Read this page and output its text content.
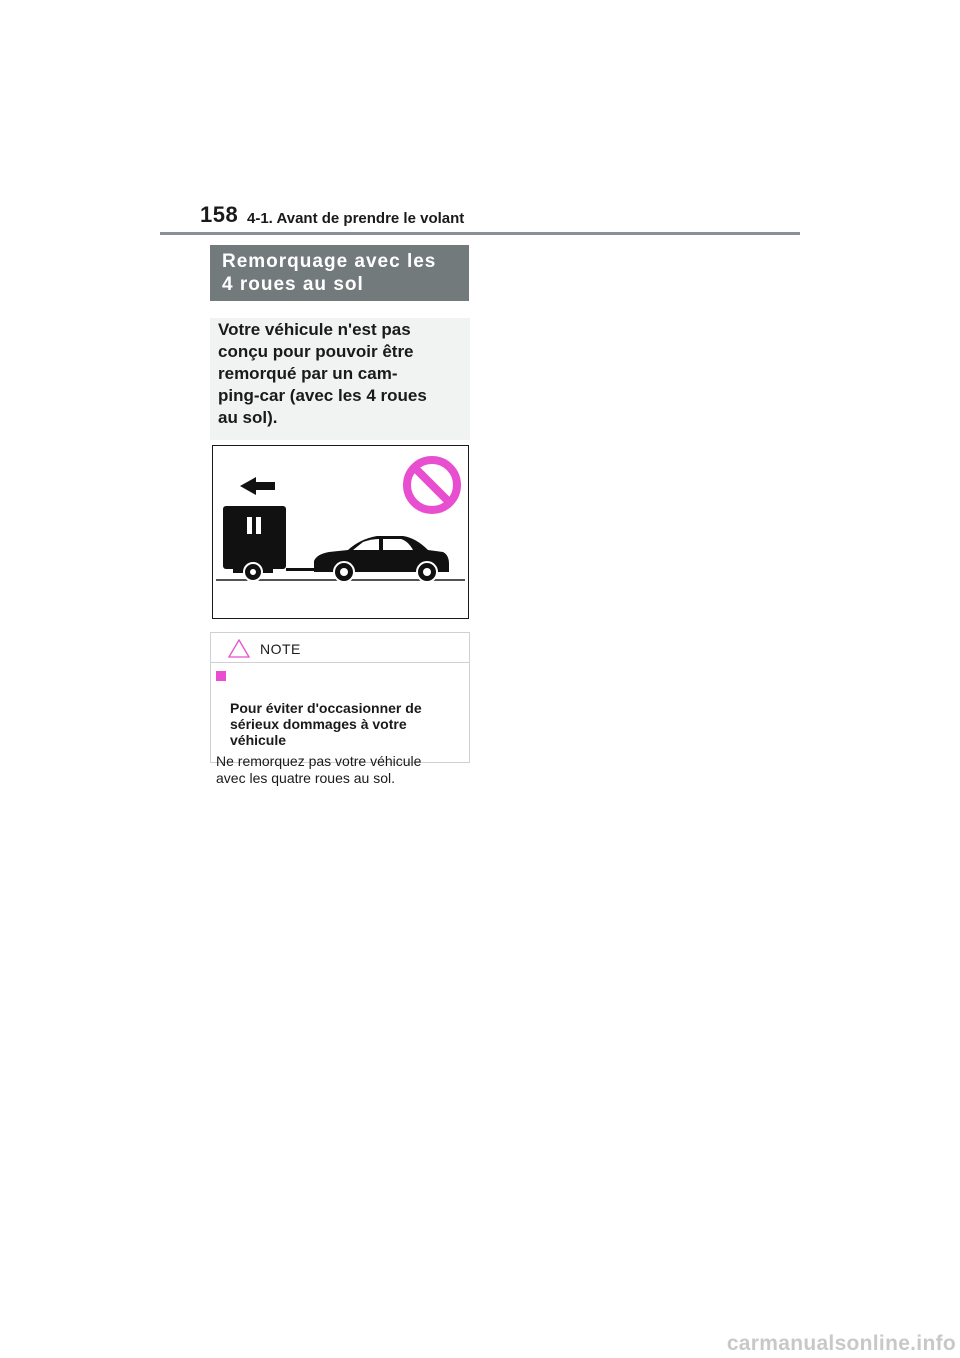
158 4-1. Avant de prendre le volant
Remorquage avec les
4 roues au sol
Votre véhicule n'est pas
conçu pour pouvoir être
remorqué par un cam-
ping-car (avec les 4 roues
au sol).
NOTE

Pour éviter d'occasionner de
sérieux dommages à votre
véhicule

Ne remorquez pas votre véhicule
avec les quatre roues au sol.
carmanualsonline.info
